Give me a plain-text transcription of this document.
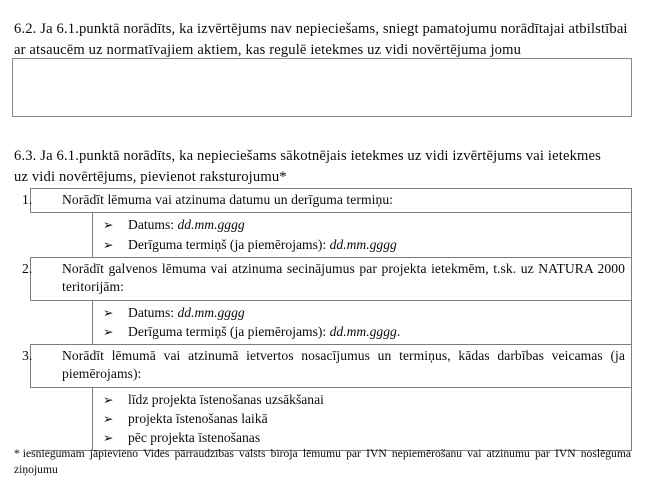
6.2. Ja 6.1.punktā norādīts, ka izvērtējums nav nepieciešams, sniegt pamatojumu norādītajai atbilstībai ar atsaucēm uz normatīvajiem aktiem, kas regulē ietekmes uz vidi novērtējuma jomu

6.3. Ja 6.1.punktā norādīts, ka nepieciešams sākotnējais ietekmes uz vidi izvērtējums vai ietekmes uz vidi novērtējums, pievienot raksturojumu*

1. Norādīt lēmuma vai atzinuma datumu un derīguma termiņu:	

➢ Datums: dd.mm.gggg
➢ Derīguma termiņš (ja piemērojams): dd.mm.gggg

2. Norādīt galvenos lēmuma vai atzinuma secinājumus par projekta ietekmēm, t.sk. uz NATURA 2000 teritorijām:	

➢ Datums: dd.mm.gggg
➢ Derīguma termiņš (ja piemērojams): dd.mm.gggg.

3. Norādīt lēmumā vai atzinumā ietvertos nosacījumus un termiņus, kādas darbības veicamas (ja piemērojams):	

➢ līdz projekta īstenošanas uzsākšanai
➢ projekta īstenošanas laikā
➢ pēc projekta īstenošanas

* iesniegumam jāpievieno Vides pārraudzības valsts biroja lēmumu par IVN nepiemērošanu vai atzinumu par IVN noslēguma ziņojumu
